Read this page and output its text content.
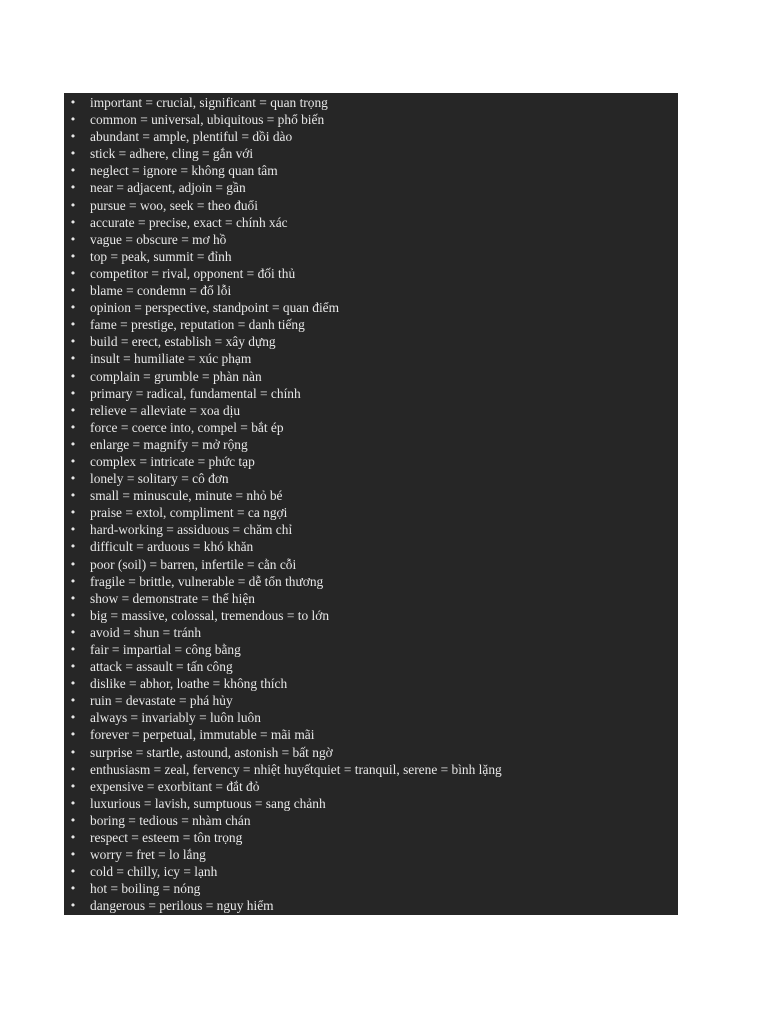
• important = crucial, significant = quan trọng
• common = universal, ubiquitous = phổ biến
• abundant = ample, plentiful = dồi dào
• stick = adhere, cling = gắn với
• neglect = ignore = không quan tâm
• near = adjacent, adjoin = gần
• pursue = woo, seek = theo đuổi
• accurate = precise, exact = chính xác
• vague = obscure = mơ hồ
• top = peak, summit = đỉnh
• competitor = rival, opponent = đối thủ
• blame = condemn = đổ lỗi
• opinion = perspective, standpoint = quan điểm
• fame = prestige, reputation = danh tiếng
• build = erect, establish = xây dựng
• insult = humiliate = xúc phạm
• complain = grumble = phàn nàn
• primary = radical, fundamental = chính
• relieve = alleviate = xoa dịu
• force = coerce into, compel = bắt ép
• enlarge = magnify = mở rộng
• complex = intricate = phức tạp
• lonely = solitary = cô đơn
• small = minuscule, minute = nhỏ bé
• praise = extol, compliment = ca ngợi
• hard-working = assiduous = chăm chỉ
• difficult = arduous = khó khăn
• poor (soil) = barren, infertile = cằn cỗi
• fragile = brittle, vulnerable = dễ tổn thương
• show = demonstrate = thể hiện
• big = massive, colossal, tremendous = to lớn
• avoid = shun = tránh
• fair = impartial = công bằng
• attack = assault = tấn công
• dislike = abhor, loathe = không thích
• ruin = devastate = phá hủy
• always = invariably = luôn luôn
• forever = perpetual, immutable = mãi mãi
• surprise = startle, astound, astonish = bất ngờ
• enthusiasm = zeal, fervency = nhiệt huyếtquiet = tranquil, serene = bình lặng
• expensive = exorbitant = đắt đỏ
• luxurious = lavish, sumptuous = sang chảnh
• boring = tedious = nhàm chán
• respect = esteem = tôn trọng
• worry = fret = lo lắng
• cold = chilly, icy = lạnh
• hot = boiling = nóng
• dangerous = perilous = nguy hiểm
